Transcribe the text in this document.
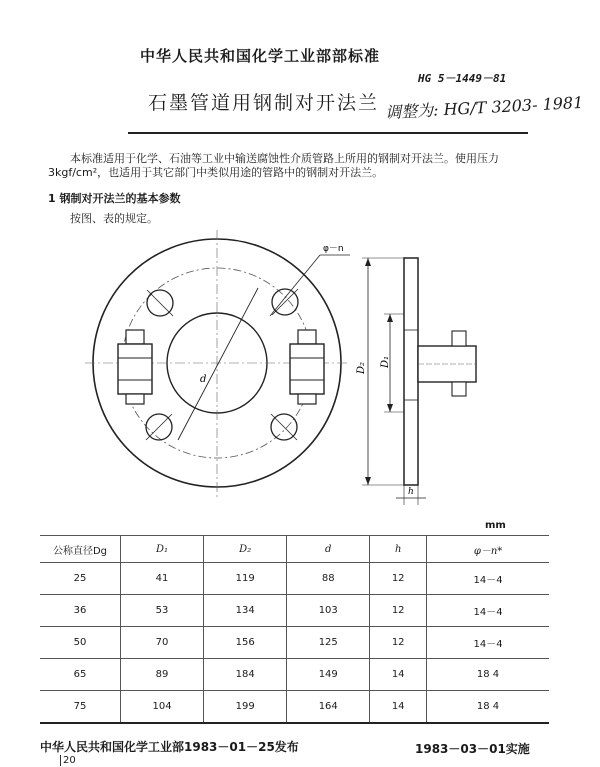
中华人民共和国化学工业部部标准
HG 5－1449－81
石墨管道用钢制对开法兰 调整为: HG/T 3203- 1981
本标准适用于化学、石油等工业中输送腐蚀性介质管路上所用的钢制对开法兰。使用压力
3kgf/cm²，也适用于其它部门中类似用途的管路中的钢制对开法兰。
1 钢制对开法兰的基本参数
按图、表的规定。
d
φ－n
D₂ D₁
h
mm
公称直径Dg	D₁	D₂	d	h	φ－n*
25	41	119	88	12	14－4
36	53	134	103	12	14－4
50	70	156	125	12	14－4
65	89	184	149	14	18 4
75	104	199	164	14	18 4
中华人民共和国化学工业部1983－01－25发布	1983－03－01实施
20
